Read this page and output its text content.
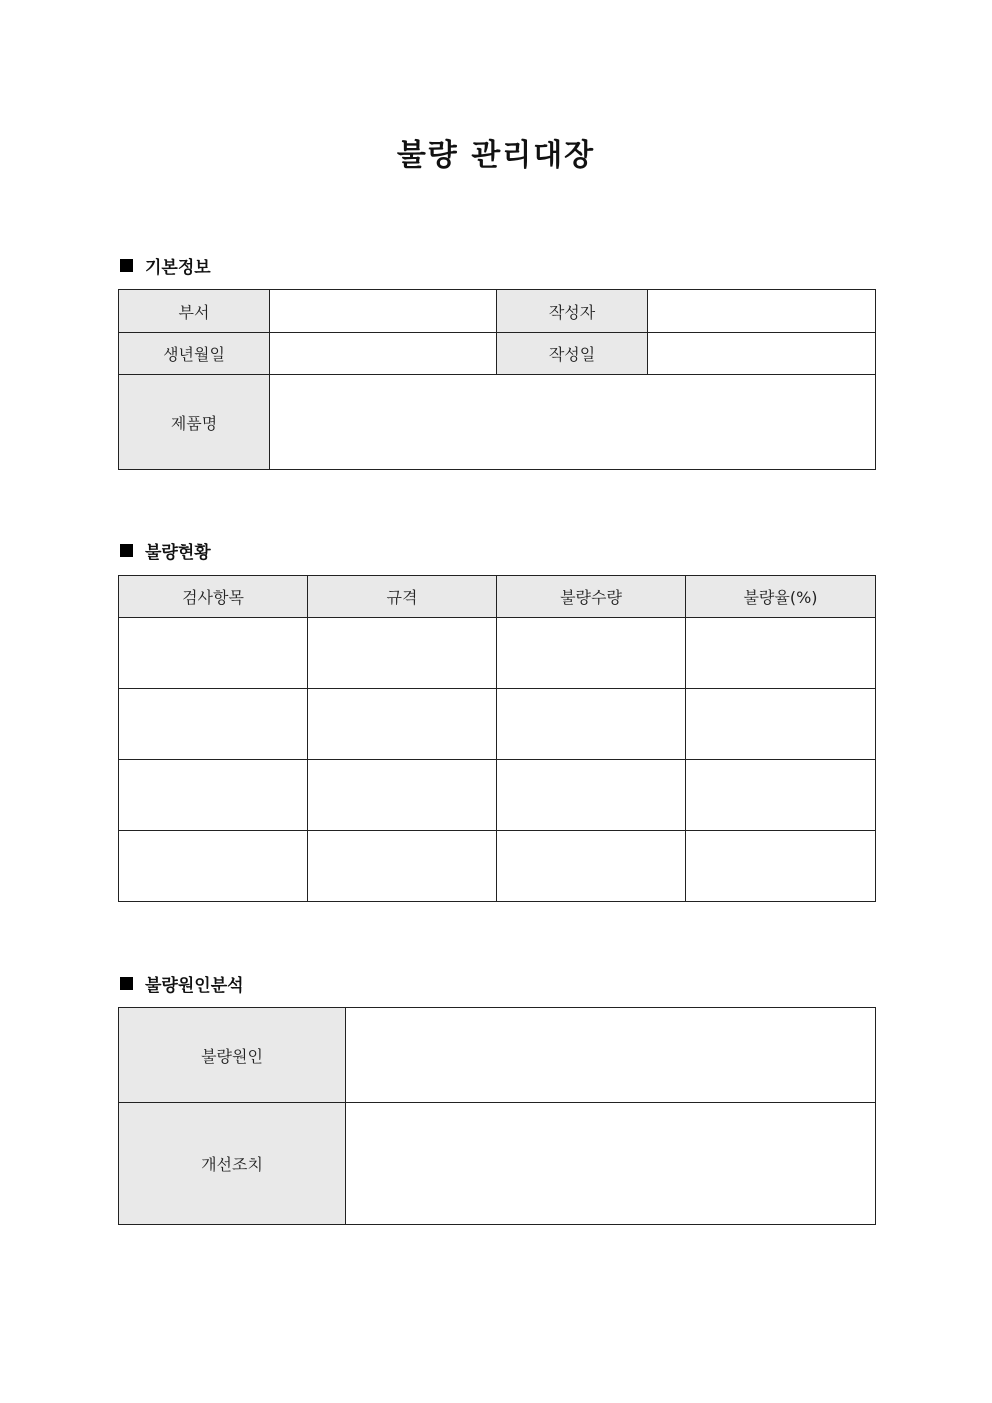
불량 관리대장
기본정보
부서		작성자	
생년월일		작성일	
제품명			
불량현황
검사항목	규격	불량수량	불량율(%)

불량원인분석
불량원인	
개선조치	
